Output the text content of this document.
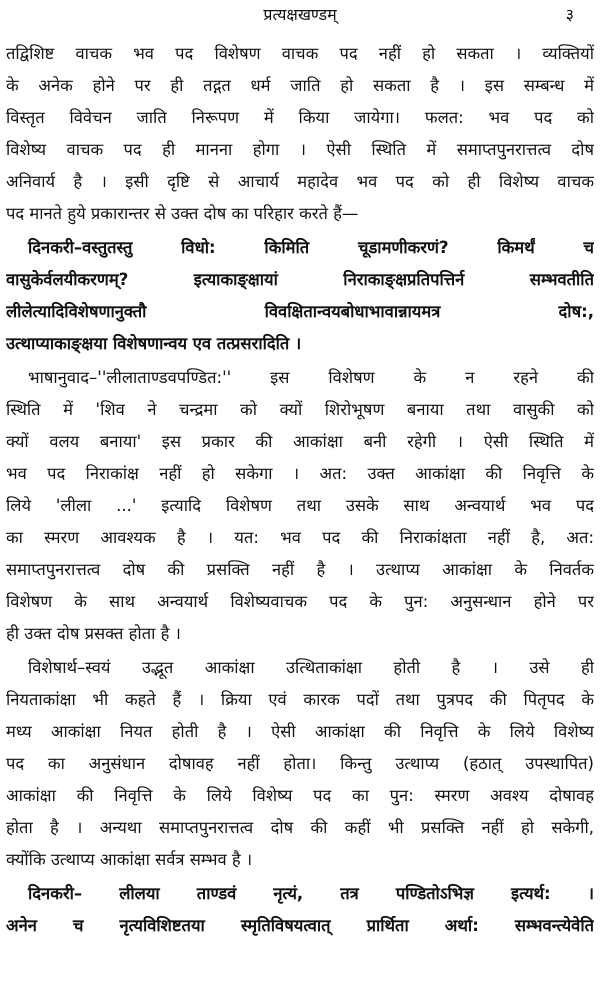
प्रत्यक्षखण्डम्	३
तद्विशिष्ट वाचक भव पद विशेषण वाचक पद नहीं हो सकता । व्यक्तियों
के अनेक होने पर ही तद्गत धर्म जाति हो सकता है । इस सम्बन्ध में
विस्तृत विवेचन जाति निरूपण में किया जायेगा। फलत: भव पद को
विशेष्य वाचक पद ही मानना होगा । ऐसी स्थिति में समाप्तपुनरात्तत्व दोष
अनिवार्य है । इसी दृष्टि से आचार्य महादेव भव पद को ही विशेष्य वाचक
पद मानते हुये प्रकारान्तर से उक्त दोष का परिहार करते हैं—
दिनकरी–वस्तुतस्तु विधो: किमिति चूडामणीकरणं? किमर्थं च
वासुकेर्वलयीकरणम्? इत्याकाङ्क्षायां निराकाङ्क्षप्रतिपत्तिर्न सम्भवतीति
लीलेत्यादिविशेषणानुक्तौ विवक्षितान्वयबोधाभावान्नायमत्र दोष:,
उत्थाप्याकाङ्क्षया विशेषणान्वय एव तत्प्रसरादिति ।
भाषानुवाद–''लीलाताण्डवपण्डित:'' इस विशेषण के न रहने की
स्थिति में 'शिव ने चन्द्रमा को क्यों शिरोभूषण बनाया तथा वासुकी को
क्यों वलय बनाया' इस प्रकार की आकांक्षा बनी रहेगी । ऐसी स्थिति में
भव पद निराकांक्ष नहीं हो सकेगा । अत: उक्त आकांक्षा की निवृत्ति के
लिये 'लीला ...' इत्यादि विशेषण तथा उसके साथ अन्वयार्थ भव पद
का स्मरण आवश्यक है । यत: भव पद की निराकांक्षता नहीं है, अत:
समाप्तपुनरात्तत्व दोष की प्रसक्ति नहीं है । उत्थाप्य आकांक्षा के निवर्तक
विशेषण के साथ अन्वयार्थ विशेष्यवाचक पद के पुन: अनुसन्धान होने पर
ही उक्त दोष प्रसक्त होता है ।
विशेषार्थ–स्वयं उद्भूत आकांक्षा उत्थिताकांक्षा होती है । उसे ही
नियताकांक्षा भी कहते हैं । क्रिया एवं कारक पदों तथा पुत्रपद की पितृपद के
मध्य आकांक्षा नियत होती है । ऐसी आकांक्षा की निवृत्ति के लिये विशेष्य
पद का अनुसंधान दोषावह नहीं होता। किन्तु उत्थाप्य (हठात् उपस्थापित)
आकांक्षा की निवृत्ति के लिये विशेष्य पद का पुन: स्मरण अवश्य दोषावह
होता है । अन्यथा समाप्तपुनरात्तत्व दोष की कहीं भी प्रसक्ति नहीं हो सकेगी,
क्योंकि उत्थाप्य आकांक्षा सर्वत्र सम्भव है ।
दिनकरी– लीलया ताण्डवं नृत्यं, तत्र पण्डितोऽभिज्ञ इत्यर्थ: ।
अनेन च नृत्यविशिष्टतया स्मृतिविषयत्वात् प्रार्थिता अर्था: सम्भवन्त्येवेति
